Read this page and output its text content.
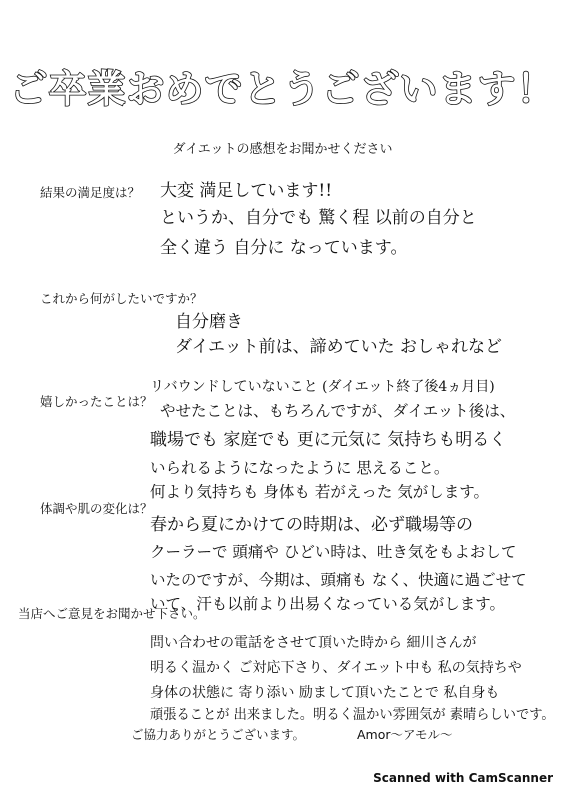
ご卒業おめでとうございます！
ダイエットの感想をお聞かせください
結果の満足度は？ 大変 満足しています!!
というか、自分でも 驚く程 以前の自分と
全く違う 自分に なっています。
これから何がしたいですか？
自分磨き
ダイエット前は、諦めていた おしゃれなど
嬉しかったことは？
リバウンドしていないこと (ダイエット終了後4ヵ月目)
やせたことは、もちろんですが、ダイエット後は、
職場でも 家庭でも 更に元気に 気持ちも明るく
いられるようになったように 思えること。
何より気持ちも 身体も 若がえった 気がします。
体調や肌の変化は？
春から夏にかけての時期は、必ず職場等の
クーラーで 頭痛や ひどい時は、吐き気をもよおして
いたのですが、今期は、頭痛も なく、快適に過ごせて
いて、汗も以前より出易くなっている気がします。
当店へご意見をお聞かせ下さい。
問い合わせの電話をさせて頂いた時から 細川さんが
明るく温かく ご対応下さり、ダイエット中も 私の気持ちや
身体の状態に 寄り添い 励まして頂いたことで 私自身も
頑張ることが 出来ました。明るく温かい雰囲気が 素晴らしいです。
ご協力ありがとうございます。	Amor～アモル～
Scanned with CamScanner
